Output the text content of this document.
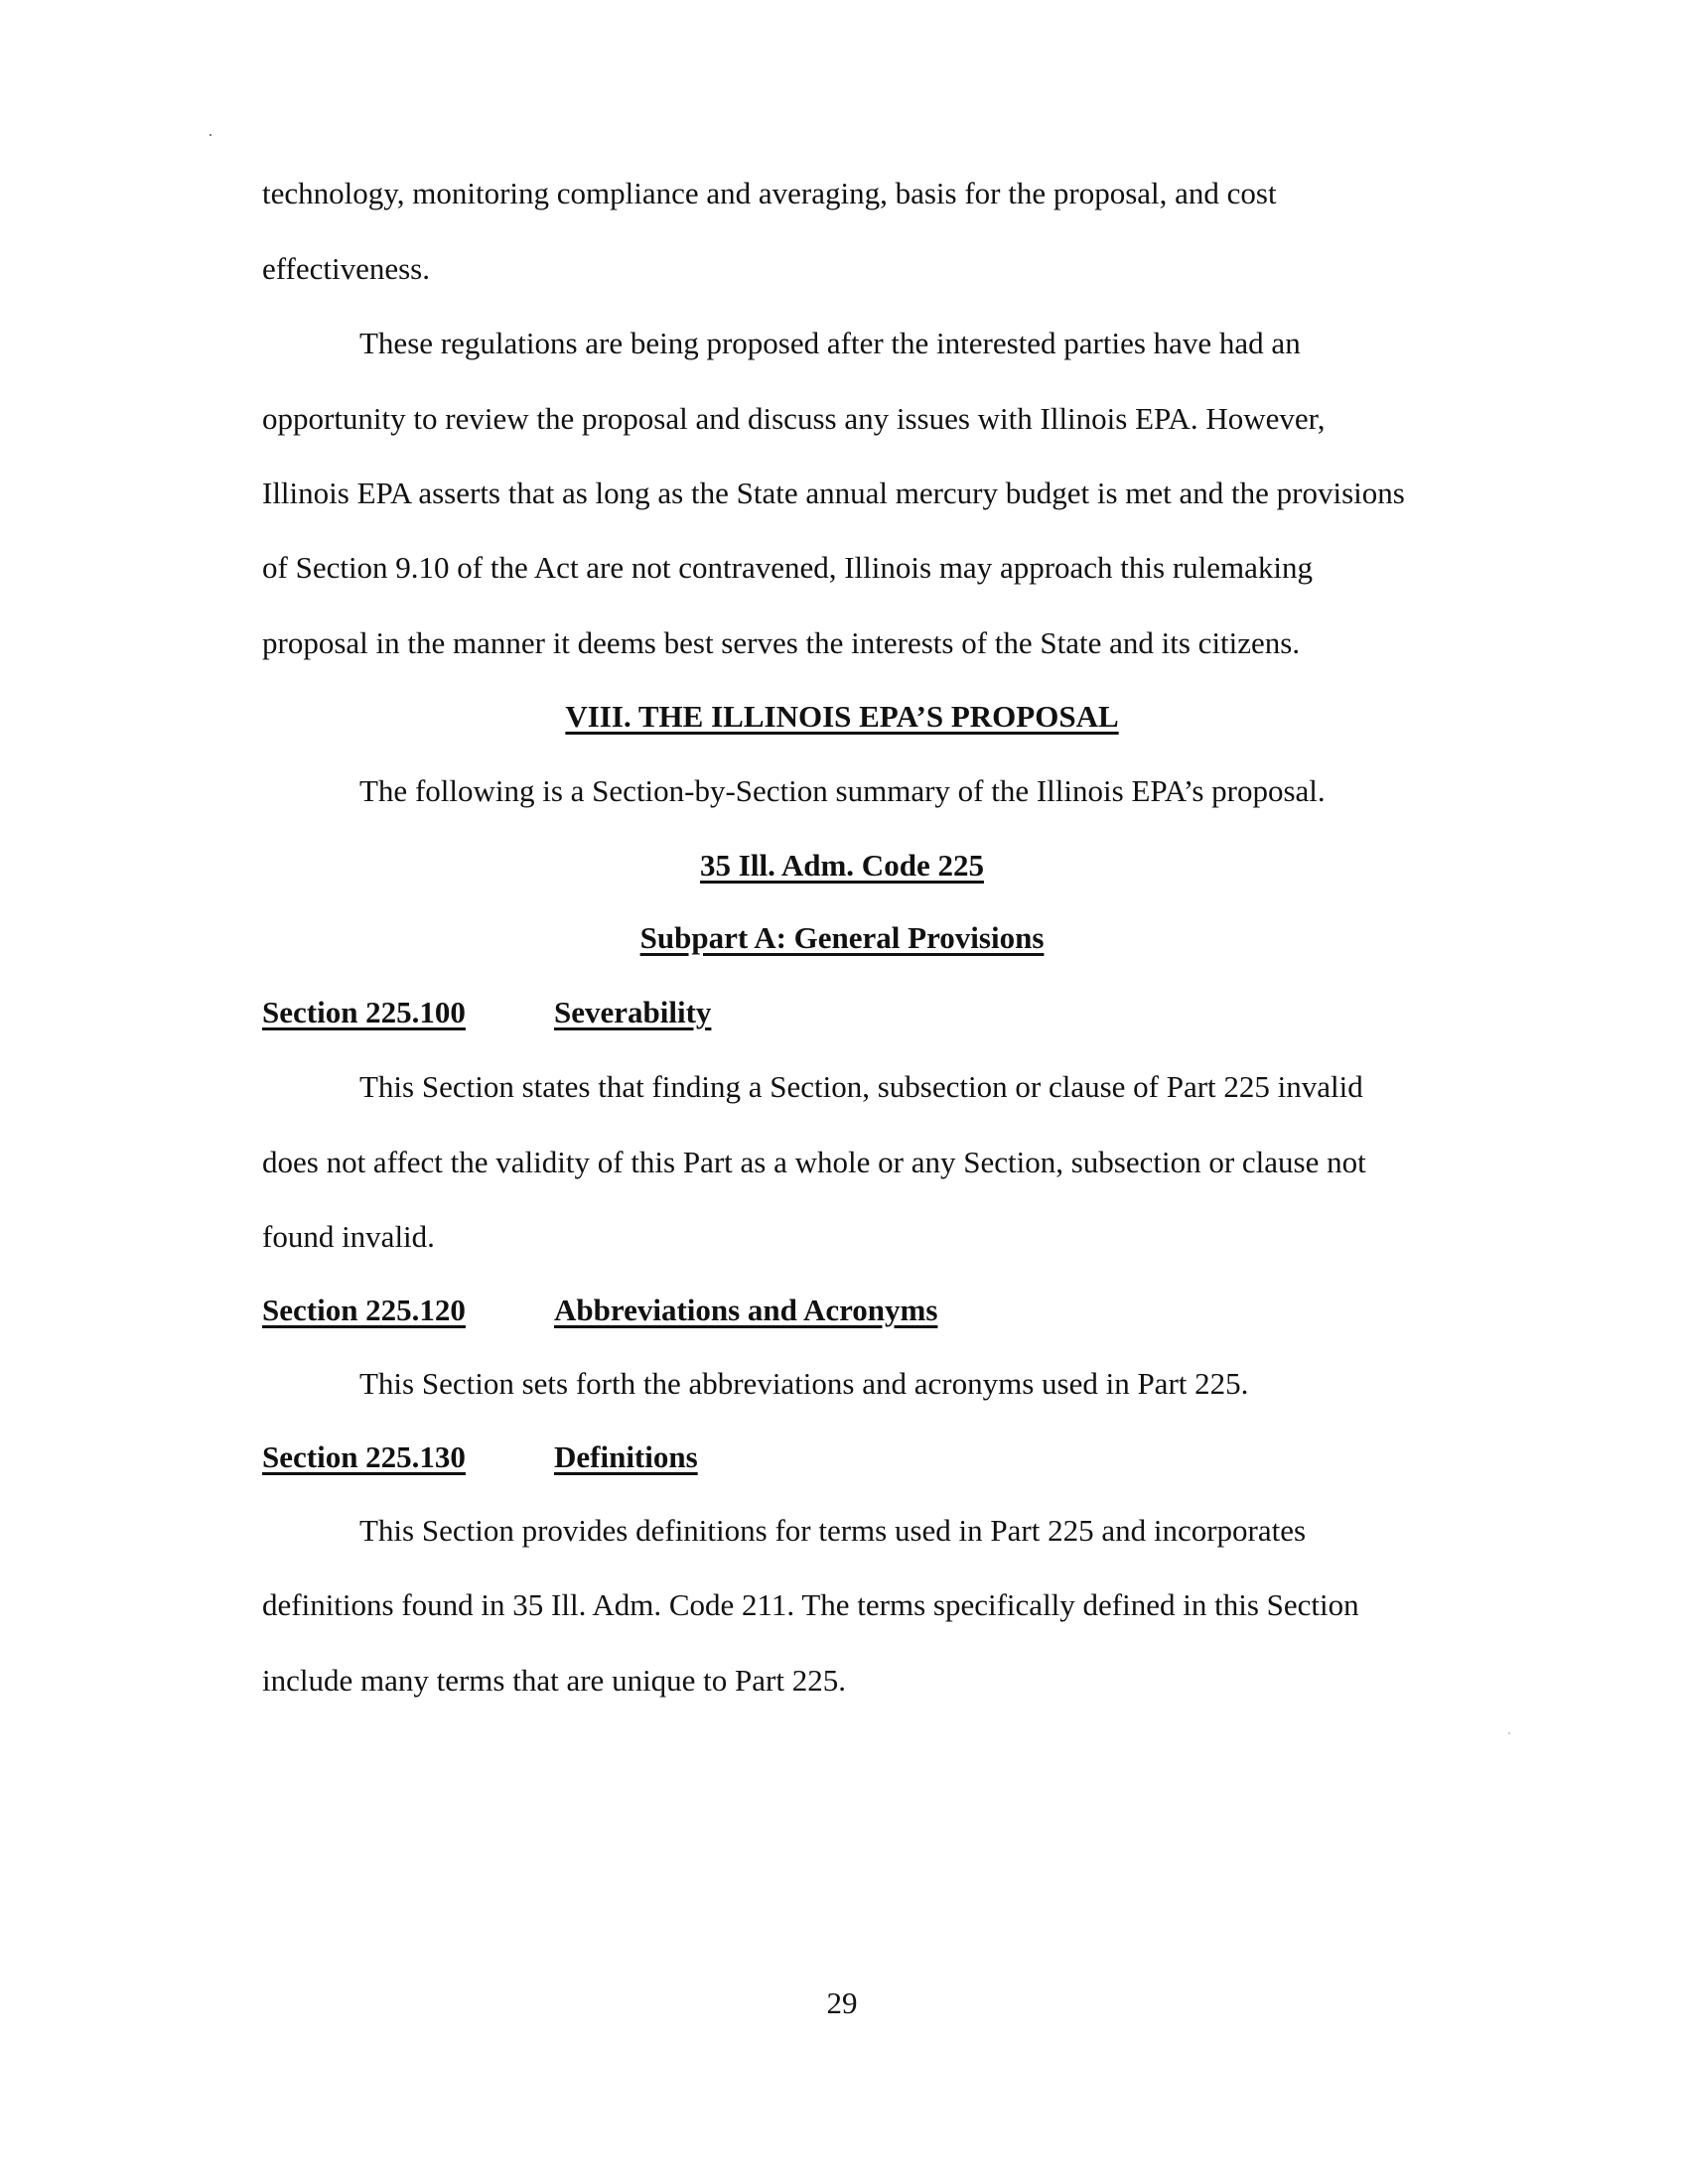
technology, monitoring compliance and averaging, basis for the proposal, and cost
effectiveness.
These regulations are being proposed after the interested parties have had an
opportunity to review the proposal and discuss any issues with Illinois EPA. However,
Illinois EPA asserts that as long as the State annual mercury budget is met and the provisions
of Section 9.10 of the Act are not contravened, Illinois may approach this rulemaking
proposal in the manner it deems best serves the interests of the State and its citizens.
VIII. THE ILLINOIS EPA’S PROPOSAL
The following is a Section-by-Section summary of the Illinois EPA’s proposal.
35 Ill. Adm. Code 225
Subpart A: General Provisions
Section 225.100	Severability
This Section states that finding a Section, subsection or clause of Part 225 invalid
does not affect the validity of this Part as a whole or any Section, subsection or clause not
found invalid.
Section 225.120	Abbreviations and Acronyms
This Section sets forth the abbreviations and acronyms used in Part 225.
Section 225.130	Definitions
This Section provides definitions for terms used in Part 225 and incorporates
definitions found in 35 Ill. Adm. Code 211. The terms specifically defined in this Section
include many terms that are unique to Part 225.
29
